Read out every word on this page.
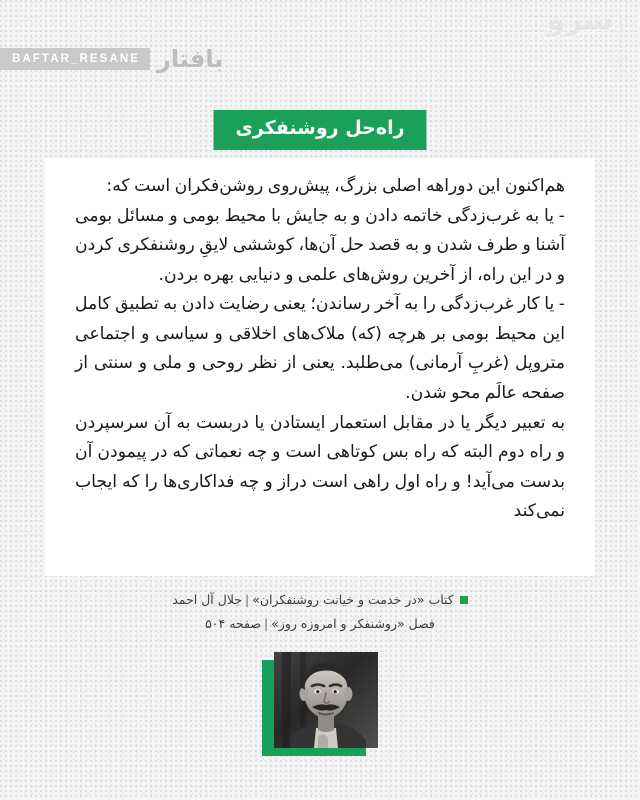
BAFTAR_RESANE بافتار	خبرگزاری تحلیلی
سرو
راه‌حل روشنفکری

هم‌اکنون این دوراهه اصلی بزرگ، پیش‌روی روشن‌فکران است که:

- یا به غرب‌زدگی خاتمه دادن و به جایش با محیط بومی و مسائل بومی آشنا و طرف شدن و به قصد حل آن‌ها، کوششی لایقِ روشنفکری کردن و در این راه، از آخرین روش‌های علمی و دنیایی بهره بردن.

- یا کار غرب‌زدگی را به آخر رساندن؛ یعنی رضایت دادن به تطبیق کامل این محیط بومی بر هرچه (که) ملاک‌های اخلاقی و سیاسی و اجتماعی متروپل (غربِ آرمانی) می‌طلبد. یعنی از نظر روحی و ملی و سنتی از صفحه عالَم محو شدن.

به تعبیر دیگر یا در مقابل استعمار ایستادن یا دربست به آن سرسپردن و راه دوم البته که راه بس کوتاهی است و چه نعماتی که در پیمودن آن بدست می‌آید! و راه اول راهی است دراز و چه فداکاری‌ها را که ایجاب نمی‌کند

کتاب «در خدمت و خیانت روشنفکران»|جلال آل احمد
فصل «روشنفکر و امروزه روز»|صفحه ۵۰۴
